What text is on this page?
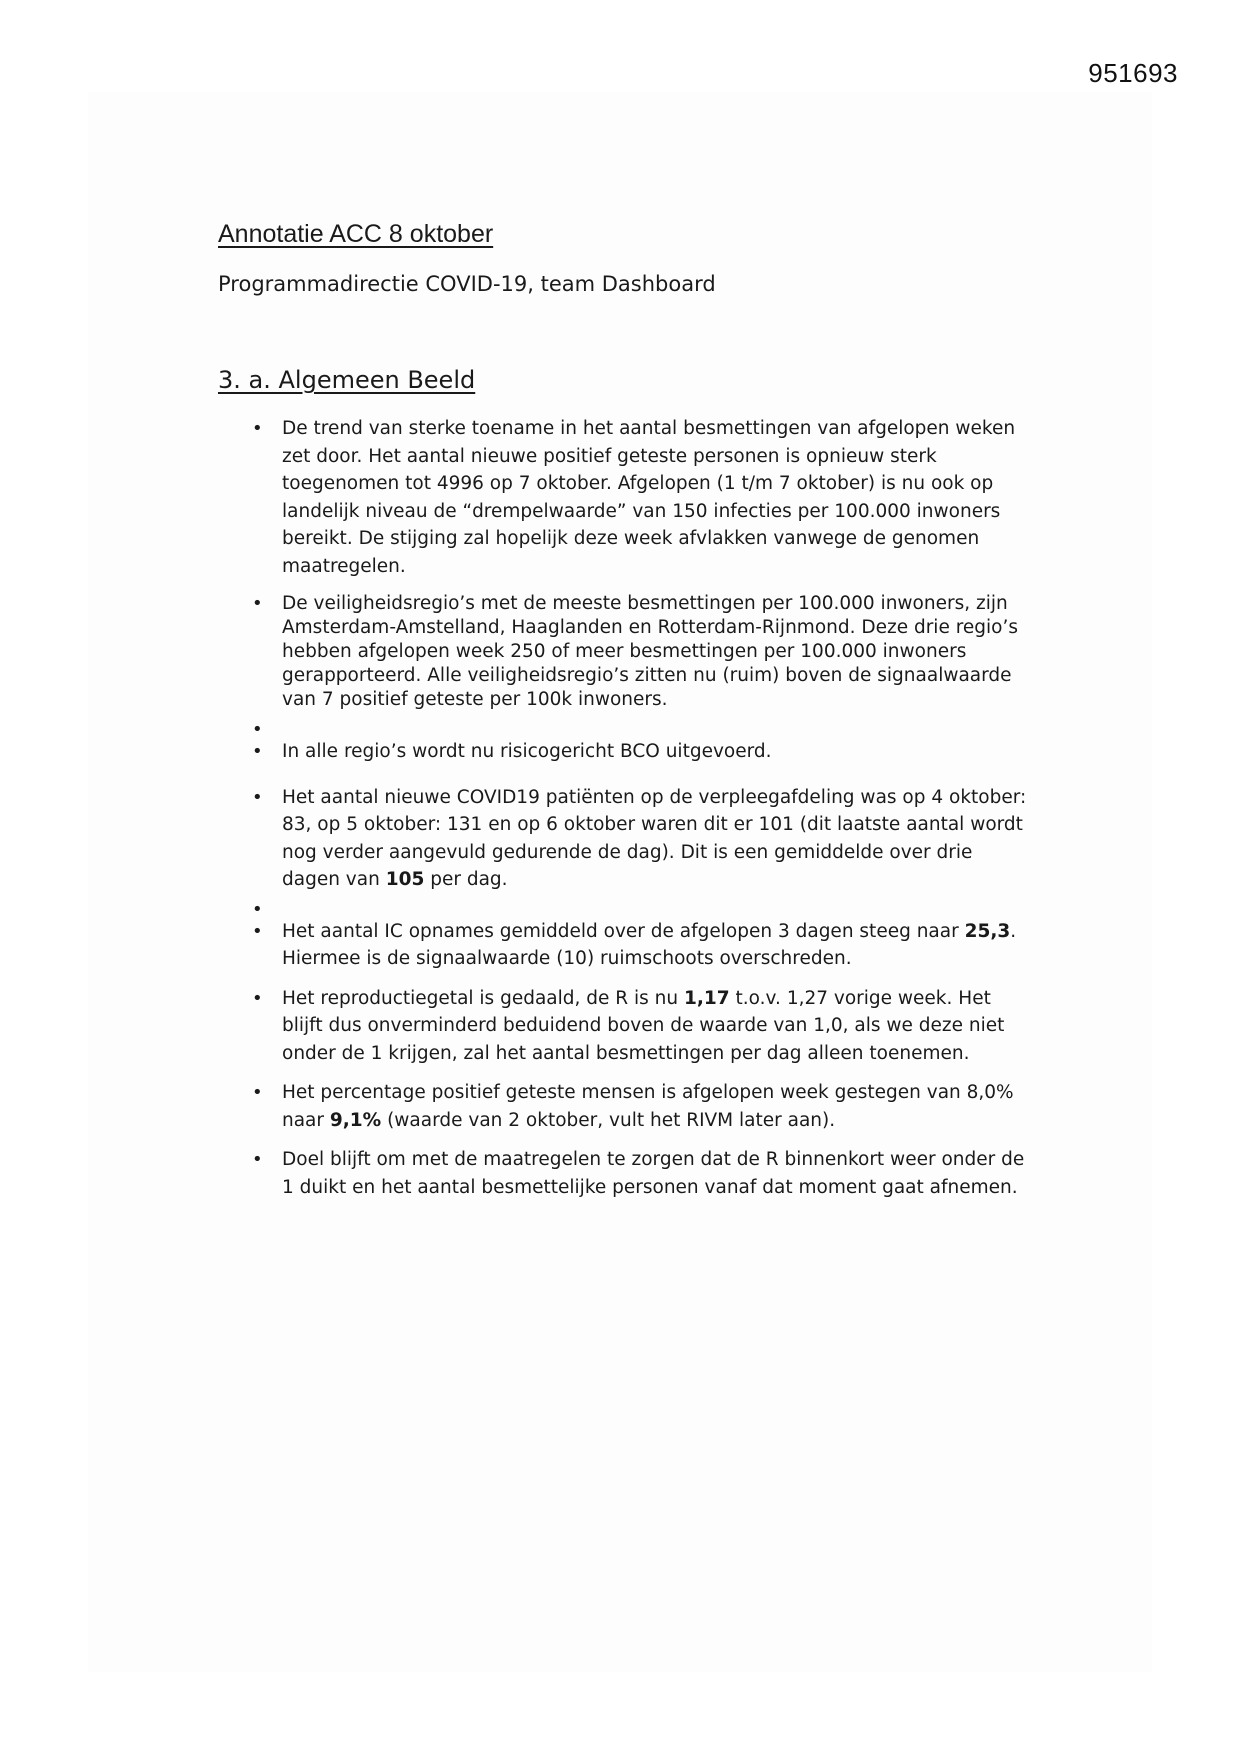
951693
Annotatie ACC 8 oktober
Programmadirectie COVID-19, team Dashboard
3. a. Algemeen Beeld
• De trend van sterke toename in het aantal besmettingen van afgelopen weken zet door. Het aantal nieuwe positief geteste personen is opnieuw sterk toegenomen tot 4996 op 7 oktober. Afgelopen (1 t/m 7 oktober) is nu ook op landelijk niveau de “drempelwaarde” van 150 infecties per 100.000 inwoners bereikt. De stijging zal hopelijk deze week afvlakken vanwege de genomen maatregelen.
• De veiligheidsregio’s met de meeste besmettingen per 100.000 inwoners, zijn Amsterdam-Amstelland, Haaglanden en Rotterdam-Rijnmond. Deze drie regio’s hebben afgelopen week 250 of meer besmettingen per 100.000 inwoners gerapporteerd. Alle veiligheidsregio’s zitten nu (ruim) boven de signaalwaarde van 7 positief geteste per 100k inwoners.
•
• In alle regio’s wordt nu risicogericht BCO uitgevoerd.
• Het aantal nieuwe COVID19 patiënten op de verpleegafdeling was op 4 oktober: 83, op 5 oktober: 131 en op 6 oktober waren dit er 101 (dit laatste aantal wordt nog verder aangevuld gedurende de dag). Dit is een gemiddelde over drie dagen van 105 per dag.
•
• Het aantal IC opnames gemiddeld over de afgelopen 3 dagen steeg naar 25,3. Hiermee is de signaalwaarde (10) ruimschoots overschreden.
• Het reproductiegetal is gedaald, de R is nu 1,17 t.o.v. 1,27 vorige week. Het blijft dus onverminderd beduidend boven de waarde van 1,0, als we deze niet onder de 1 krijgen, zal het aantal besmettingen per dag alleen toenemen.
• Het percentage positief geteste mensen is afgelopen week gestegen van 8,0% naar 9,1% (waarde van 2 oktober, vult het RIVM later aan).
• Doel blijft om met de maatregelen te zorgen dat de R binnenkort weer onder de 1 duikt en het aantal besmettelijke personen vanaf dat moment gaat afnemen.
